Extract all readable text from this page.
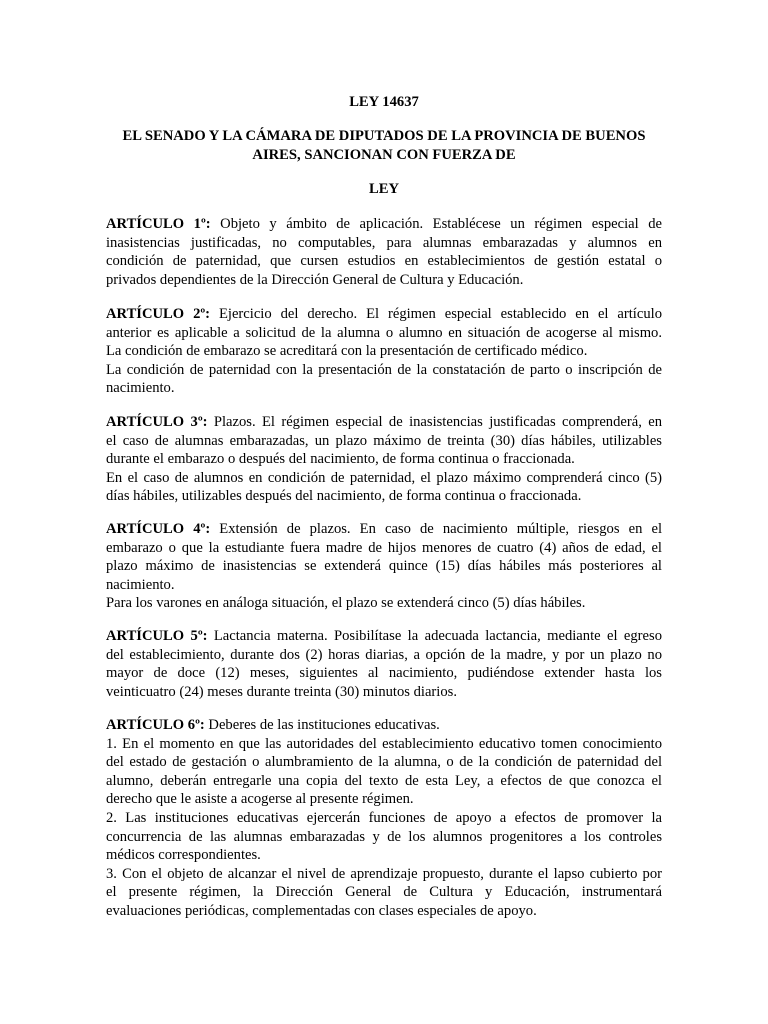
LEY 14637
EL SENADO Y LA CÁMARA DE DIPUTADOS DE LA PROVINCIA DE BUENOS
AIRES, SANCIONAN CON FUERZA DE
LEY
ARTÍCULO 1º: Objeto y ámbito de aplicación. Establécese un régimen especial de
inasistencias justificadas, no computables, para alumnas embarazadas y alumnos en
condición de paternidad, que cursen estudios en establecimientos de gestión estatal o
privados dependientes de la Dirección General de Cultura y Educación.
ARTÍCULO 2º: Ejercicio del derecho. El régimen especial establecido en el artículo
anterior es aplicable a solicitud de la alumna o alumno en situación de acogerse al mismo.
La condición de embarazo se acreditará con la presentación de certificado médico.
La condición de paternidad con la presentación de la constatación de parto o inscripción de
nacimiento.
ARTÍCULO 3º: Plazos. El régimen especial de inasistencias justificadas comprenderá, en
el caso de alumnas embarazadas, un plazo máximo de treinta (30) días hábiles, utilizables
durante el embarazo o después del nacimiento, de forma continua o fraccionada.
En el caso de alumnos en condición de paternidad, el plazo máximo comprenderá cinco (5)
días hábiles, utilizables después del nacimiento, de forma continua o fraccionada.
ARTÍCULO 4º: Extensión de plazos. En caso de nacimiento múltiple, riesgos en el
embarazo o que la estudiante fuera madre de hijos menores de cuatro (4) años de edad, el
plazo máximo de inasistencias se extenderá quince (15) días hábiles más posteriores al
nacimiento.
Para los varones en análoga situación, el plazo se extenderá cinco (5) días hábiles.
ARTÍCULO 5º: Lactancia materna. Posibilítase la adecuada lactancia, mediante el egreso
del establecimiento, durante dos (2) horas diarias, a opción de la madre, y por un plazo no
mayor de doce (12) meses, siguientes al nacimiento, pudiéndose extender hasta los
veinticuatro (24) meses durante treinta (30) minutos diarios.
ARTÍCULO 6º: Deberes de las instituciones educativas.
1. En el momento en que las autoridades del establecimiento educativo tomen conocimiento
del estado de gestación o alumbramiento de la alumna, o de la condición de paternidad del
alumno, deberán entregarle una copia del texto de esta Ley, a efectos de que conozca el
derecho que le asiste a acogerse al presente régimen.
2. Las instituciones educativas ejercerán funciones de apoyo a efectos de promover la
concurrencia de las alumnas embarazadas y de los alumnos progenitores a los controles
médicos correspondientes.
3. Con el objeto de alcanzar el nivel de aprendizaje propuesto, durante el lapso cubierto por
el presente régimen, la Dirección General de Cultura y Educación, instrumentará
evaluaciones periódicas, complementadas con clases especiales de apoyo.
